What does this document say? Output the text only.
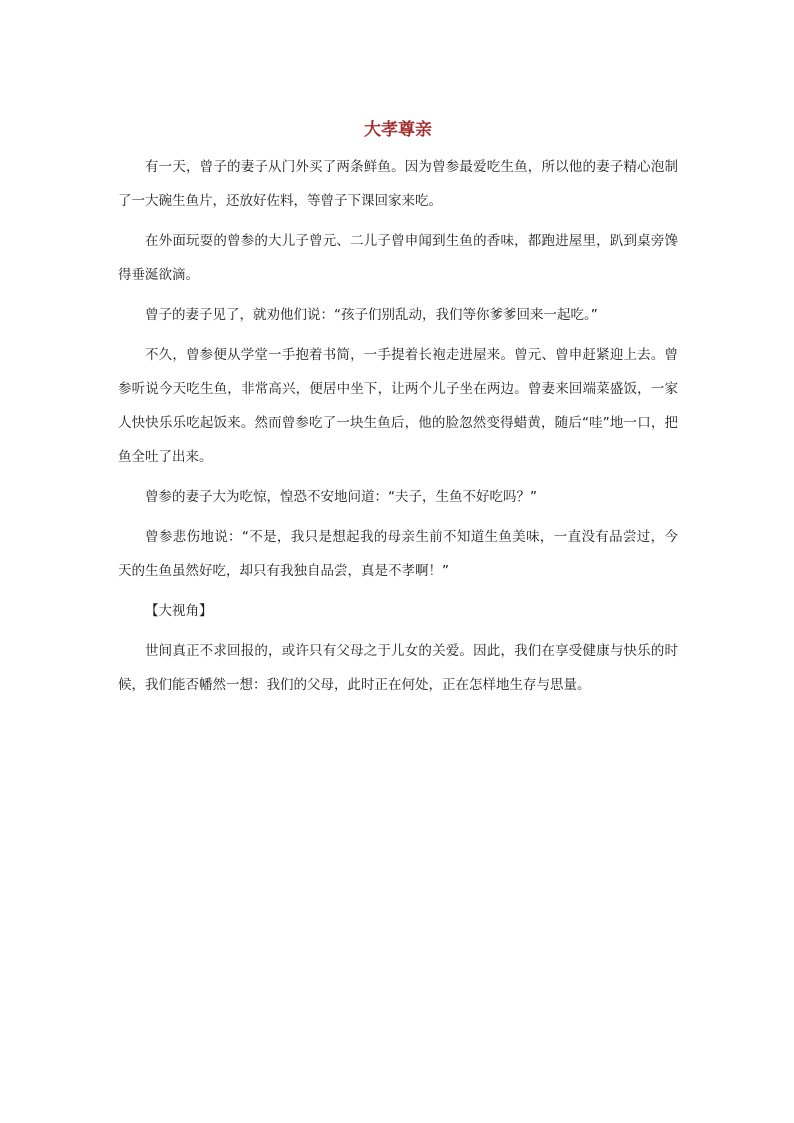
大孝尊亲

有一天，曾子的妻子从门外买了两条鲜鱼。因为曾参最爱吃生鱼，所以他的妻子精心泡制了一大碗生鱼片，还放好佐料，等曾子下课回家来吃。

在外面玩耍的曾参的大儿子曾元、二儿子曾申闻到生鱼的香味，都跑进屋里，趴到桌旁馋得垂涎欲滴。

曾子的妻子见了，就劝他们说：“孩子们别乱动，我们等你爹爹回来一起吃。”

不久，曾参便从学堂一手抱着书简，一手提着长袍走进屋来。曾元、曾申赶紧迎上去。曾参听说今天吃生鱼，非常高兴，便居中坐下，让两个儿子坐在两边。曾妻来回端菜盛饭，一家人快快乐乐吃起饭来。然而曾参吃了一块生鱼后，他的脸忽然变得蜡黄，随后“哇”地一口，把鱼全吐了出来。

曾参的妻子大为吃惊，惶恐不安地问道：“夫子，生鱼不好吃吗？”

曾参悲伤地说：“不是，我只是想起我的母亲生前不知道生鱼美味，一直没有品尝过，今天的生鱼虽然好吃，却只有我独自品尝，真是不孝啊！”

【大视角】

世间真正不求回报的，或许只有父母之于儿女的关爱。因此，我们在享受健康与快乐的时候，我们能否幡然一想：我们的父母，此时正在何处，正在怎样地生存与思量。
